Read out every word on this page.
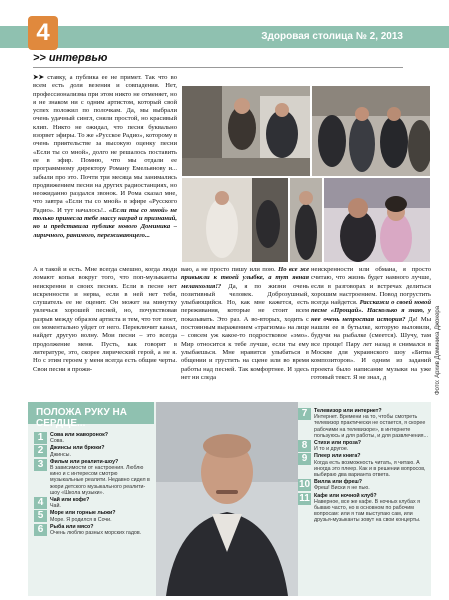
4	Здоровая столица № 2, 2013
>> интервью

➤➤ ставку, а публика ее не примет. Так что во всем есть доля везения и совпадения. Нет, профессионализма при этом никто не отменяет, но я не знаком ни с одним артистом, который свой успех положил по полочкам. Да, мы выбрали очень удачный сингл, сняли простой, но красивый клип. Никто не ожидал, что песня буквально взорвет эфиры. То же «Русское Радио», которому в очень приятельстве за высокую оценку песни «Если ты со мной», долго не решалось поставить ее в эфир. Помню, что мы отдали ее программному директору Роману Емельянову и... забыли про это. Почти три месяца мы занимались продвижением песни на других радиостанциях, но неожиданно раздался звонок. И Рома сказал мне, что завтра «Если ты со мной» в эфире «Русского Радио». И тут началось!.. «Если ты со мной» не только принесла тебе массу наград и признаний, но и представила публике нового Доминика – лиричного, ранимого, переживающего...

А я такой и есть. Мне всегда смешно, когда люди ломают копья вокруг того, что поп-музыканты неискренни в своих песнях. Если в песне нет искренности и нерва, если в ней нет тебя, слушатель ее не оценит. Он может на минутку увлечься хорошей песней, но, почувствовав разрыв между образом артиста и тем, что тот поет, он моментально уйдет от него. Переключит канал, найдет другую волну. Мои песни – это всегда продолжение меня. Пусть, как говорят в литературе, это, скорее лирический герой, а не я. Но с этим героем у меня всегда есть общие черты. Свои песни я прожи-

ваю, а не просто пишу или пою. Но все же привыкли к твоей улыбке, а тут явная меланхолия!? Да, я по жизни очень позитивный человек. Доброзушный, улыбающийся. Но, как мне кажется, есть переживания, которые не стоит всем показывать. Это раз. А во-вторых, ходить с постоянным выражением «трагизма» на лице – совсем уж какое-то подростковое «эмо». Мир относится к тебе лучше, если ты ему улыбаешься. Мне нравится улыбаться в общении и грустить на сцене или во время работы над песней. Так комфортнее. И здесь нет ни следа

неискренности или обмана, я просто считаю, что жизнь будет намного лучше, если в разговорах и встречах делиться хорошим настроением. Повод погрустить всегда найдется. Расскажи о своей новой песне «Прощай». Насколько я знаю, у нее очень непростая история? Да! Мы нашли ее в бутылке, которую выловили, будучи на рыбалке (смеется). Шучу, там все проще! Пару лет назад я снимался в Москве для украинского шоу «Битва композиторов». И одним из заданий проекта было написание музыки на уже готовый текст. Я не знал, д	Фото: Архив Доминика Джокера
ПОЛОЖА РУКУ НА СЕРДЦЕ...
1	Сова или жаворонок?
Сова.
2	Джинсы или брюки?
Джинсы.
3	Фильм или реалити-шоу?
В зависимости от настроения. Люблю кино и с интересом смотрю музыкальные реалити. Недавно сидел в жюри детского музыкального реалити-шоу «Школа музыки».
4	Чай или кофе?
Чай.
5	Море или горные лыжи?
Море. Я родился в Сочи.
6	Рыба или мясо?
Очень люблю разных морских гадов.
7	Телевизор или интернет?
Интернет. Времени на то, чтобы смотреть телевизор практически не остается, я скорее рабочими на телевизоре», в интернете пользуюсь и для работы, и для развлечения...
8	Стихи или проза?
И то и другое.
9	Плеер или книга?
Когда есть возможность читать, я читаю. А иногда это плеер. Как и в решении вопросов, выбираю два варианта ответа.
10 Вилла или фреш?
Фреш! Виски я не пью.
11 Кафе или ночной клуб?
Наверное, все же кафе. В ночных клубах я бываю часто, но в основном по рабочим вопросам: или я там выступаю сам, или друзья-музыканты зовут на свои концерты.
